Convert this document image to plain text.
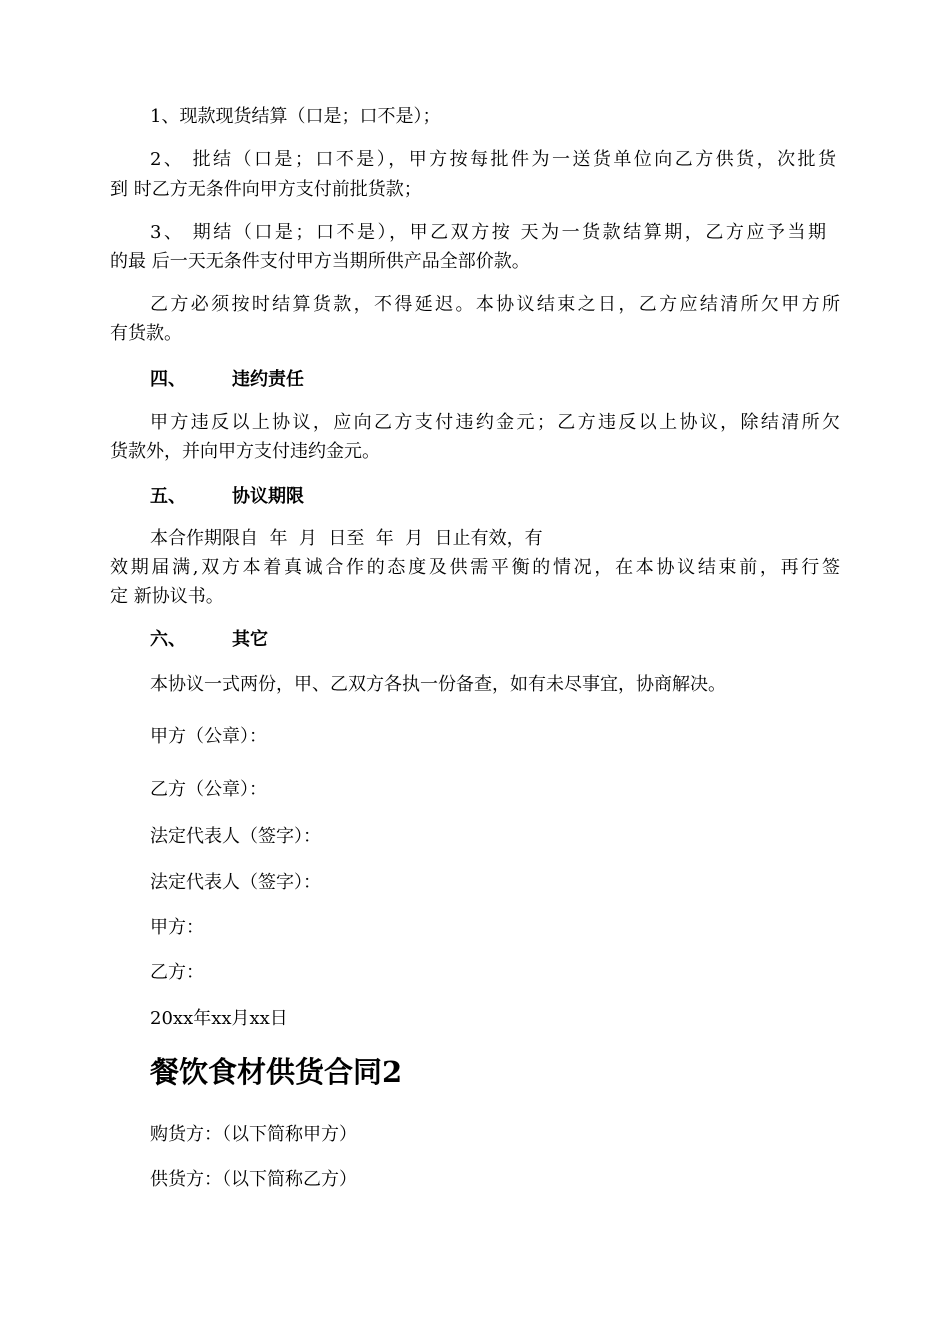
1、现款现货结算（口是；口不是）；
2、 批结（口是；口不是），甲方按每批件为一送货单位向乙方供货，次批货
到 时乙方无条件向甲方支付前批货款；
3、 期结（口是；口不是），甲乙双方按 天为一货款结算期，乙方应予当期
的最 后一天无条件支付甲方当期所供产品全部价款。
乙方必须按时结算货款，不得延迟。本协议结束之日，乙方应结清所欠甲方所
有货款。
四、	违约责任
甲方违反以上协议，应向乙方支付违约金元；乙方违反以上协议，除结清所欠
货款外，并向甲方支付违约金元。
五、	协议期限
本合作期限自  年  月  日至  年  月  日止有效，有
效期届满,双方本着真诚合作的态度及供需平衡的情况，在本协议结束前，再行签
定 新协议书。
六、	其它
本协议一式两份，甲、乙双方各执一份备查，如有未尽事宜，协商解决。
甲方（公章）：
乙方（公章）：
法定代表人（签字）：
法定代表人（签字）：
甲方：
乙方：
20xx年xx月xx日
餐饮食材供货合同2
购货方：（以下简称甲方）
供货方：（以下简称乙方）
